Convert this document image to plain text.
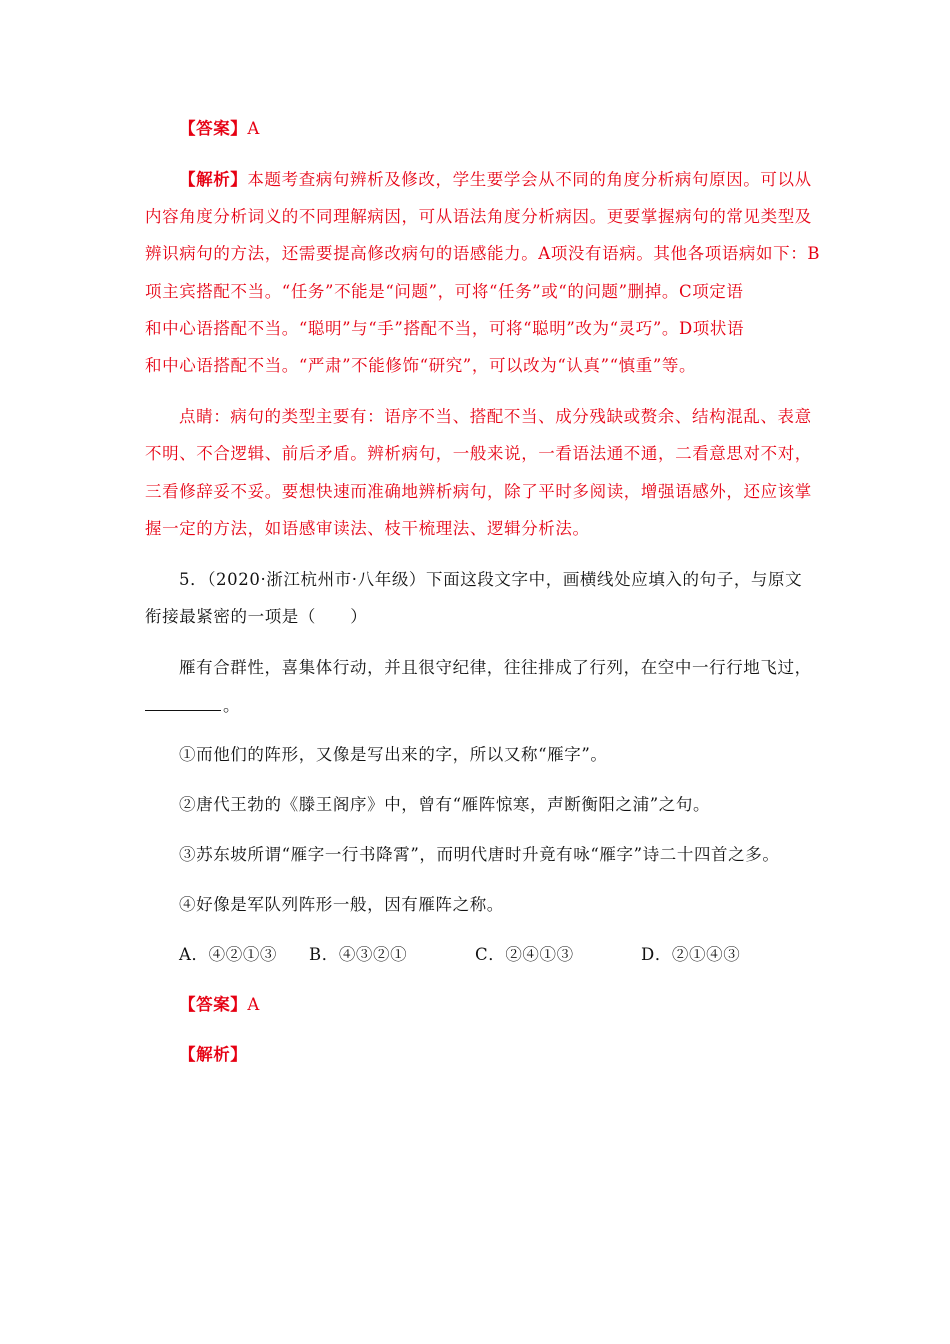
【答案】A
【解析】本题考查病句辨析及修改，学生要学会从不同的角度分析病句原因。可以从
内容角度分析词义的不同理解病因，可从语法角度分析病因。更要掌握病句的常见类型及
辨识病句的方法，还需要提高修改病句的语感能力。A项没有语病。其他各项语病如下：B
项主宾搭配不当。“任务”不能是“问题”，可将“任务”或“的问题”删掉。C项定语
和中心语搭配不当。“聪明”与“手”搭配不当，可将“聪明”改为“灵巧”。D项状语
和中心语搭配不当。“严肃”不能修饰“研究”，可以改为“认真”“慎重”等。
点睛：病句的类型主要有：语序不当、搭配不当、成分残缺或赘余、结构混乱、表意
不明、不合逻辑、前后矛盾。辨析病句，一般来说，一看语法通不通，二看意思对不对，
三看修辞妥不妥。要想快速而准确地辨析病句，除了平时多阅读，增强语感外，还应该掌
握一定的方法，如语感审读法、枝干梳理法、逻辑分析法。
5．（2020·浙江杭州市·八年级）下面这段文字中，画横线处应填入的句子，与原文
衔接最紧密的一项是（　　）
雁有合群性，喜集体行动，并且很守纪律，往往排成了行列，在空中一行行地飞过，
。
①而他们的阵形，又像是写出来的字，所以又称“雁字”。
②唐代王勃的《滕王阁序》中，曾有“雁阵惊寒，声断衡阳之浦”之句。
③苏东坡所谓“雁字一行书降霄”，而明代唐时升竟有咏“雁字”诗二十四首之多。
④好像是军队列阵形一般，因有雁阵之称。
A．④②①③ B．④③②①	C．②④①③	D．②①④③
【答案】A
【解析】
